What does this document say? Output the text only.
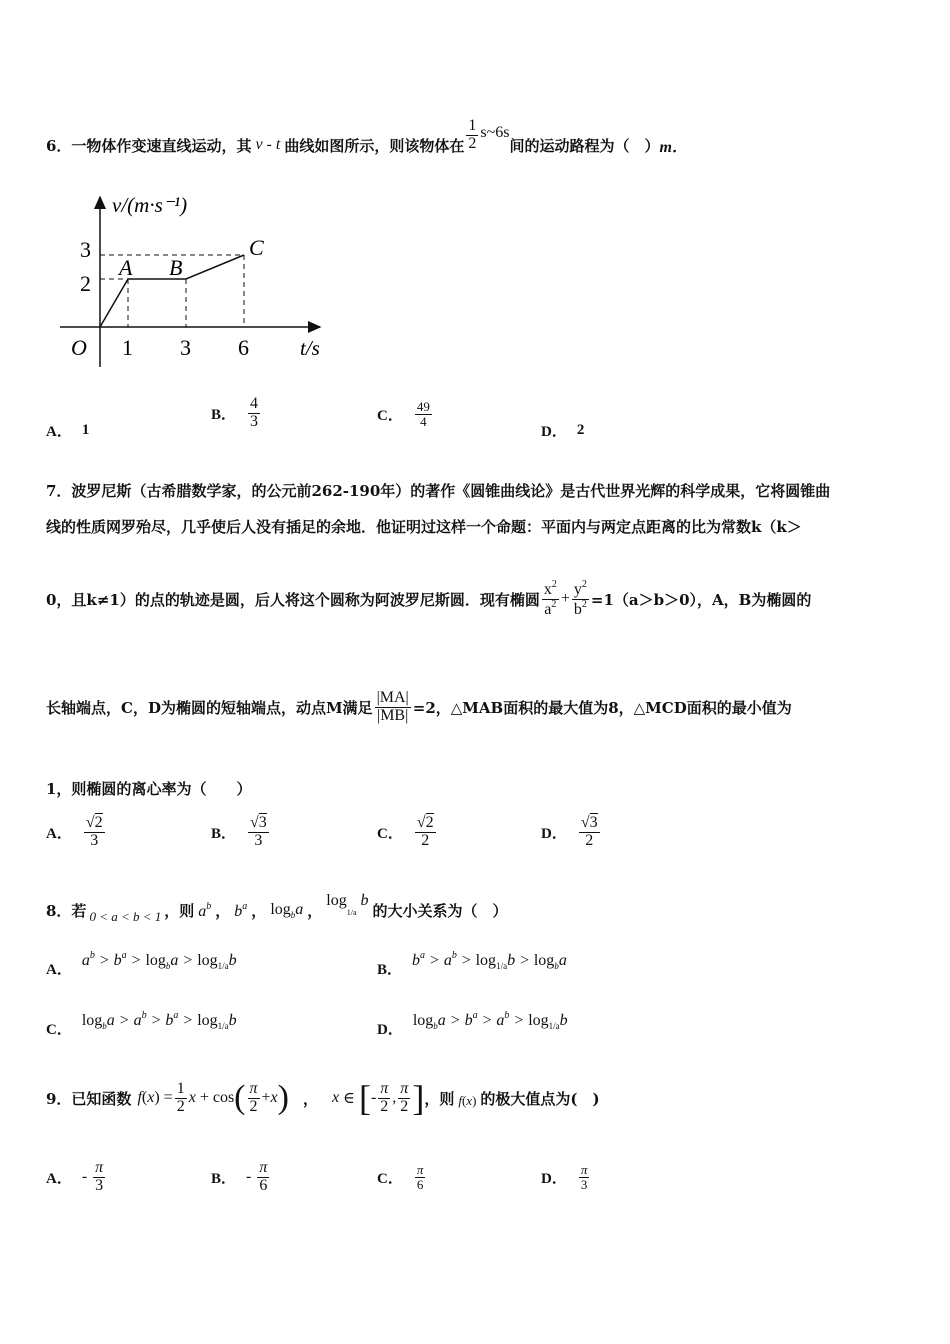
6．一物体作变速直线运动，其 v - t 曲线如图所示，则该物体在 $\frac{1}{2}$ s~6s
间的运动路程为（　） m．
v/(m·s⁻¹)
3
2
O 1 3 6 t/s
A B
C
A． 1
B． $\frac{4}{3}$	C． $\frac{49}{4}$
D． 2
7．波罗尼斯（古希腊数学家，的公元前262-190年）的著作《圆锥曲线论》是古代世界光辉的科学成果，它将圆锥曲
线的性质网罗殆尽，几乎使后人没有插足的余地．他证明过这样一个命题：平面内与两定点距离的比为常数k（k＞
0，且k≠1）的点的轨迹是圆，后人将这个圆称为阿波罗尼斯圆．现有椭圆 $\frac{x^2}{a^2} + \frac{y^2}{b^2} =1(a>b>0)$，A，B为椭圆的
长轴端点，C，D为椭圆的短轴端点，动点M满足 $\frac{|MA|}{|MB|} =2$，△MAB面积的最大值为8，△MCD面积的最小值为
1，则椭圆的离心率为（　　）
A． $\frac{√2}{3}$	B． $\frac{√3}{3}$	C． $\frac{√2}{2}$	D． $\frac{√3}{2}$
8．若 0 < a < b < 1 ，则 $a^b$ ， $b^a$ ， $\log_ba$ ，
$\log_{1/a} b$
的大小关系为（　）
A．
$a^b > b^a > \log_ba > \log_{1/a}b$
B．
$b^a > a^b > \log_{1/a}b > \log_ba$
C．
$\log_ba > a^b > b^a > \log_{1/a}b$
D．
$\log_ba > b^a > a^b > \log_{1/a}b$
9．已知函数 f ( x ) = $\frac{1}{2}$ x + cos ( $\frac{\pi}{2} + x$ ) ， x ∈ [ - $\frac{\pi}{2}$ , $\frac{\pi}{2}$ ] ，则 f(x) 的极大值点为(　)
A． - $\frac{\pi}{3}$	B． - $\frac{\pi}{6}$	C． $\frac{\pi}{6}$	D． $\frac{\pi}{3}$
